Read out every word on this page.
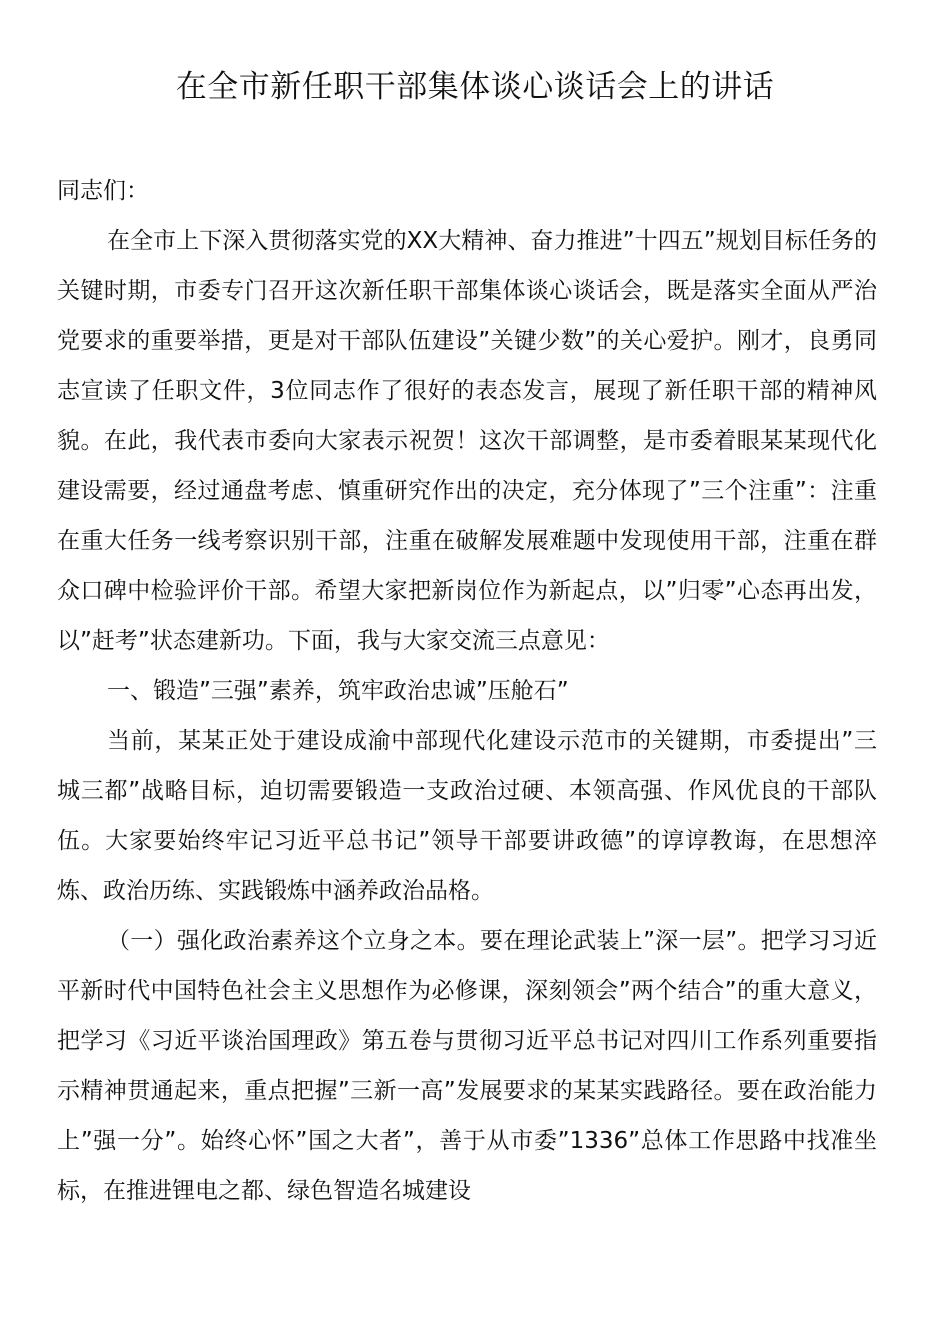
在全市新任职干部集体谈心谈话会上的讲话

同志们：

在全市上下深入贯彻落实党的XX大精神、奋力推进”十四五”规划目标任务的关键时期，市委专门召开这次新任职干部集体谈心谈话会，既是落实全面从严治党要求的重要举措，更是对干部队伍建设”关键少数”的关心爱护。刚才，良勇同志宣读了任职文件，3位同志作了很好的表态发言，展现了新任职干部的精神风貌。在此，我代表市委向大家表示祝贺！这次干部调整，是市委着眼某某现代化建设需要，经过通盘考虑、慎重研究作出的决定，充分体现了”三个注重”：注重在重大任务一线考察识别干部，注重在破解发展难题中发现使用干部，注重在群众口碑中检验评价干部。希望大家把新岗位作为新起点，以”归零”心态再出发，以”赶考”状态建新功。下面，我与大家交流三点意见：

一、锻造”三强”素养，筑牢政治忠诚”压舱石”

当前，某某正处于建设成渝中部现代化建设示范市的关键期，市委提出”三城三都”战略目标，迫切需要锻造一支政治过硬、本领高强、作风优良的干部队伍。大家要始终牢记习近平总书记”领导干部要讲政德”的谆谆教诲，在思想淬炼、政治历练、实践锻炼中涵养政治品格。

（一）强化政治素养这个立身之本。要在理论武装上”深一层”。把学习习近平新时代中国特色社会主义思想作为必修课，深刻领会”两个结合”的重大意义，把学习《习近平谈治国理政》第五卷与贯彻习近平总书记对四川工作系列重要指示精神贯通起来，重点把握”三新一高”发展要求的某某实践路径。要在政治能力上”强一分”。始终心怀”国之大者”，善于从市委”1336”总体工作思路中找准坐标，在推进锂电之都、绿色智造名城建设
